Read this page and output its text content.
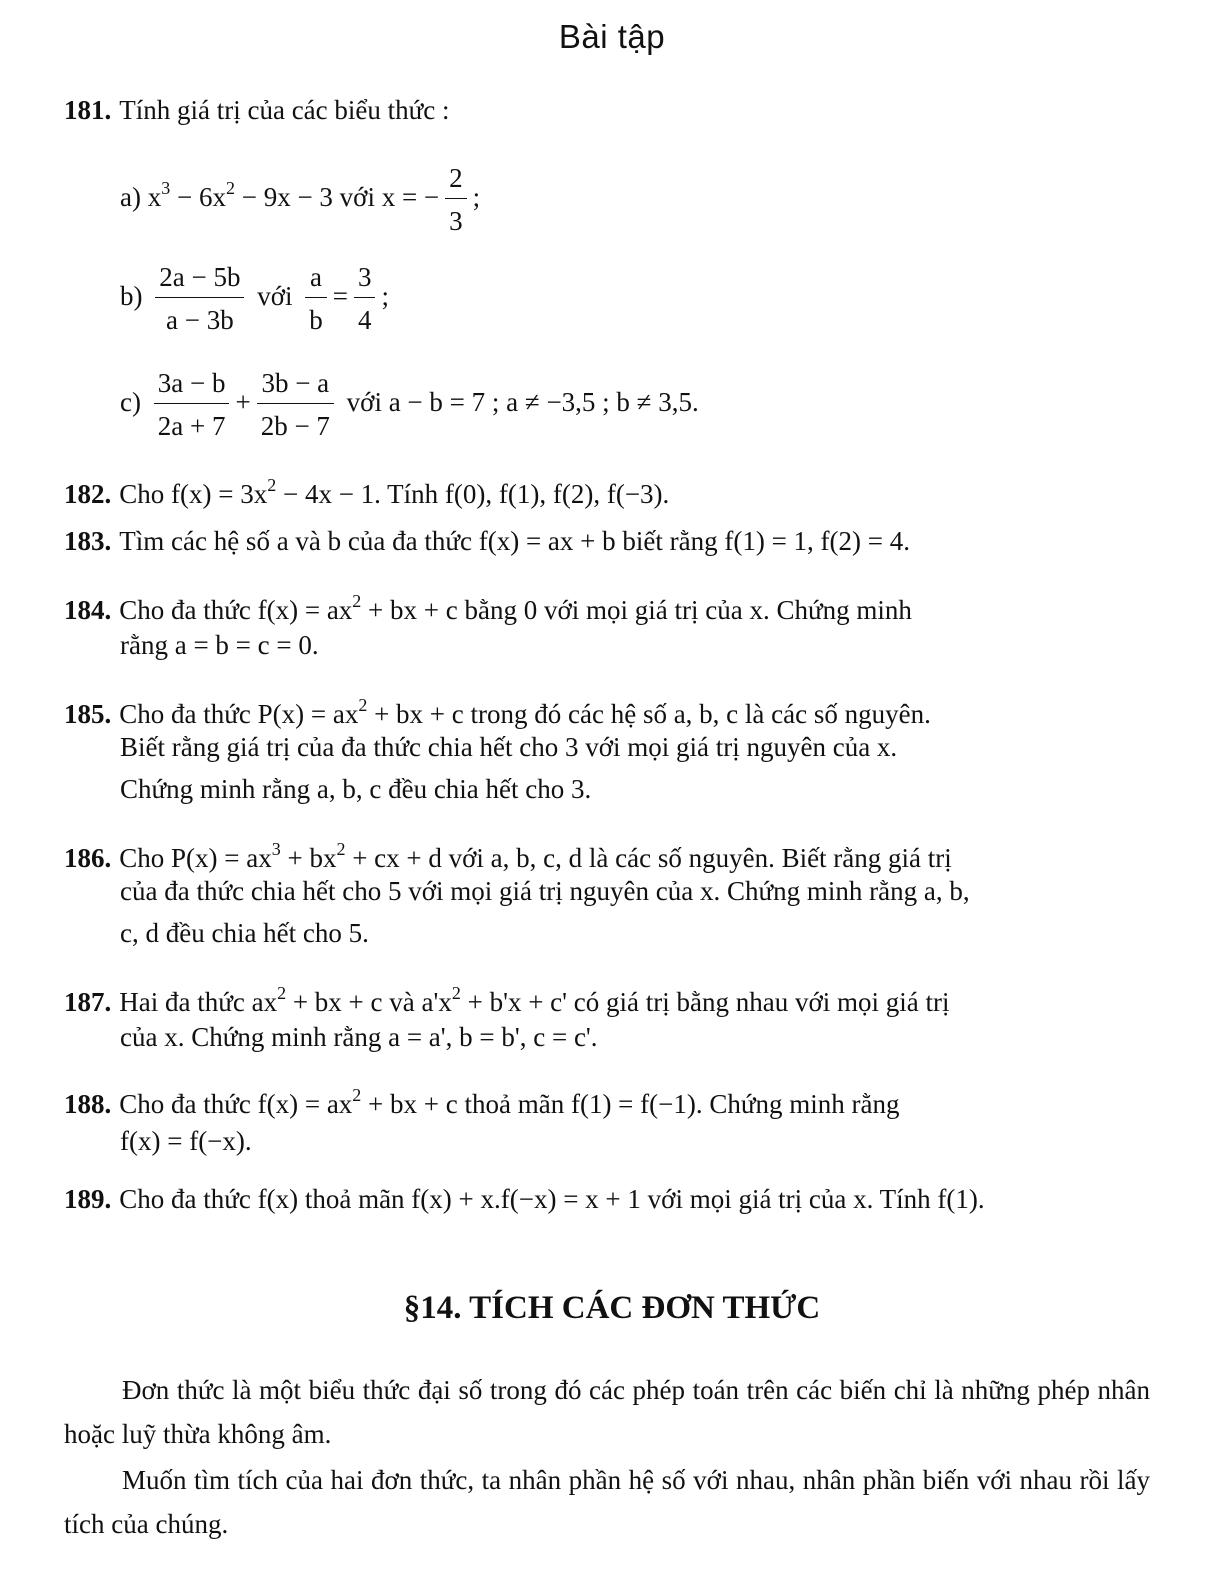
Bài tập
181. Tính giá trị của các biểu thức :
a) $x^3 - 6x^2 - 9x - 3$ với x = − $\frac{2}{3}$ ;
$b) \frac{2a - 5b}{a - 3b}$ với $\frac{a}{b} = \frac{3}{4}$ ;
$c) \frac{3a - b}{2a + 7} + \frac{3b - a}{2b - 7}$ với a − b = 7 ; a ≠ −3,5 ; b ≠ 3,5.
182. Cho $f(x) = 3x^2 - 4x - 1$. Tính f(0), f(1), f(2), f(−3).
183. Tìm các hệ số a và b của đa thức f(x) = ax + b biết rằng f(1) = 1, f(2) = 4.
184. Cho đa thức $f(x) = ax^2$ + bx + c bằng 0 với mọi giá trị của x. Chứng minh
rằng a = b = c = 0.
185. Cho đa thức $P(x) = ax^2$ + bx + c trong đó các hệ số a, b, c là các số nguyên.
Biết rằng giá trị của đa thức chia hết cho 3 với mọi giá trị nguyên của x.
Chứng minh rằng a, b, c đều chia hết cho 3.
186. Cho $P(x) = ax^3 + bx^2$ + cx + d với a, b, c, d là các số nguyên. Biết rằng giá trị
của đa thức chia hết cho 5 với mọi giá trị nguyên của x. Chứng minh rằng a, b,
c, d đều chia hết cho 5.
187. Hai đa thức $ax^2$ + bx + c và $a'x^2 + b'x + c'$ có giá trị bằng nhau với mọi giá trị
của x. Chứng minh rằng a = a', b = b', c = c'.
188. Cho đa thức $f(x) = ax^2$ + bx + c thoả mãn f(1) = f(−1). Chứng minh rằng
f(x) = f(−x).
189. Cho đa thức f(x) thoả mãn f(x) + x.f(−x) = x + 1 với mọi giá trị của x. Tính f(1).
§14. TÍCH CÁC ĐƠN THỨC
Đơn thức là một biểu thức đại số trong đó các phép toán trên các biến chỉ là những phép nhân hoặc luỹ thừa không âm.
Muốn tìm tích của hai đơn thức, ta nhân phần hệ số với nhau, nhân phần biến với nhau rồi lấy tích của chúng.
